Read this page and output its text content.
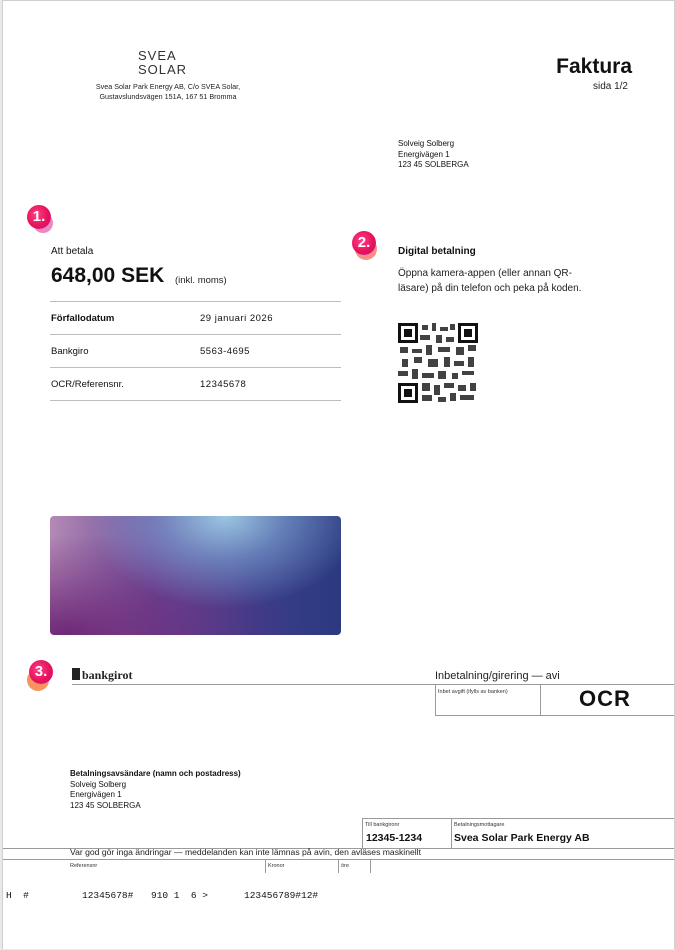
SVEA
SOLAR
Svea Solar Park Energy AB, C/o SVEA Solar,
Gustavslundsvägen 151A, 167 51 Bromma
Faktura
sida 1/2
Solveig Solberg
Energivägen 1
123 45 SOLBERGA
1.
Att betala
648,00 SEK (inkl. moms)
Förfallodatum	29 januari 2026
Bankgiro	5563-4695
OCR/Referensnr.	12345678
2.
Digital betalning
Öppna kamera-appen (eller annan QR-läsare) på din telefon och peka på koden.
3.	bankgirot	Inbetalning/girering — avi
Inbet avgift (ifylls av banken)	OCR
Betalningsavsändare (namn och postadress)
Solveig Solberg
Energivägen 1
123 45 SOLBERGA
Till bankgironr	Betalningsmottagare
12345-1234	Svea Solar Park Energy AB
Var god gör inga ändringar — meddelanden kan inte lämnas på avin, den avläses maskinellt
Referensnr	Kronor	öre
H  #	12345678# 910 1  6 >	123456789#12#
